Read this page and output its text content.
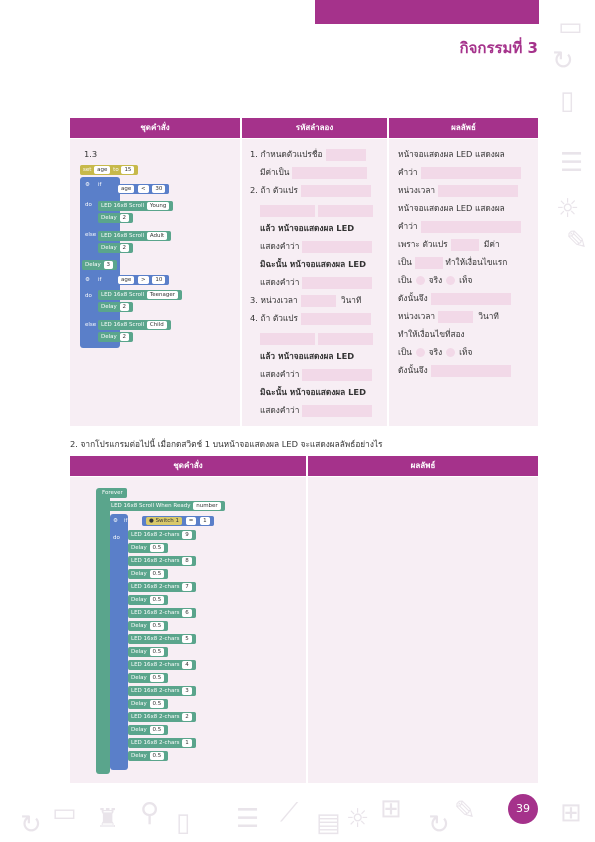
กิจกรรมที่ 3
▭
↻
▯
☰
☼
✎
↻ ▭ ♜ ⚲ ▯ ☰ ⟋ ▤ ☼ ⊞
↻ ✎	⊞
ชุดคำสั่ง	รหัสลำลอง	ผลลัพธ์
1.3
set age to 15
⚙ if
age < 30
do	LED 16x8 Scroll Young
Delay 2
else LED 16x8 Scroll Adult
Delay 2
Delay 3
⚙ if	age > 10
do	LED 16x8 Scroll Teenager
Delay 2
else LED 16x8 Scroll Child
Delay 2
1. กำหนดตัวแปรชื่อ
มีค่าเป็น
2. ถ้า ตัวแปร
แล้ว หน้าจอแสดงผล LED
แสดงคำว่า
มิฉะนั้น หน้าจอแสดงผล LED
แสดงคำว่า
3. หน่วงเวลา	วินาที
4. ถ้า ตัวแปร
แล้ว หน้าจอแสดงผล LED
แสดงคำว่า
มิฉะนั้น หน้าจอแสดงผล LED
แสดงคำว่า
หน้าจอแสดงผล LED แสดงผล
คำว่า
หน่วงเวลา
หน้าจอแสดงผล LED แสดงผล
คำว่า
เพราะ ตัวแปร	มีค่า
เป็น	ทำให้เงื่อนไขแรก
เป็น จริง เท็จ
ดังนั้นจึง
หน่วงเวลา	วินาที
ทำให้เงื่อนไขที่สอง
เป็น จริง เท็จ
ดังนั้นจึง
2. จากโปรแกรมต่อไปนี้ เมื่อกดสวิตช์ 1 บนหน้าจอแสดงผล LED จะแสดงผลลัพธ์อย่างไร
ชุดคำสั่ง	ผลลัพธ์
Forever
LED 16x8 Scroll When Ready number
⚙ if	● Switch 1 = 1
do	LED 16x8 2-chars 9
Delay 0.5
LED 16x8 2-chars 8
Delay 0.5
LED 16x8 2-chars 7
Delay 0.5
LED 16x8 2-chars 6
Delay 0.5
LED 16x8 2-chars 5
Delay 0.5
LED 16x8 2-chars 4
Delay 0.5
LED 16x8 2-chars 3
Delay 0.5
LED 16x8 2-chars 2
Delay 0.5
LED 16x8 2-chars 1
Delay 0.5
39
